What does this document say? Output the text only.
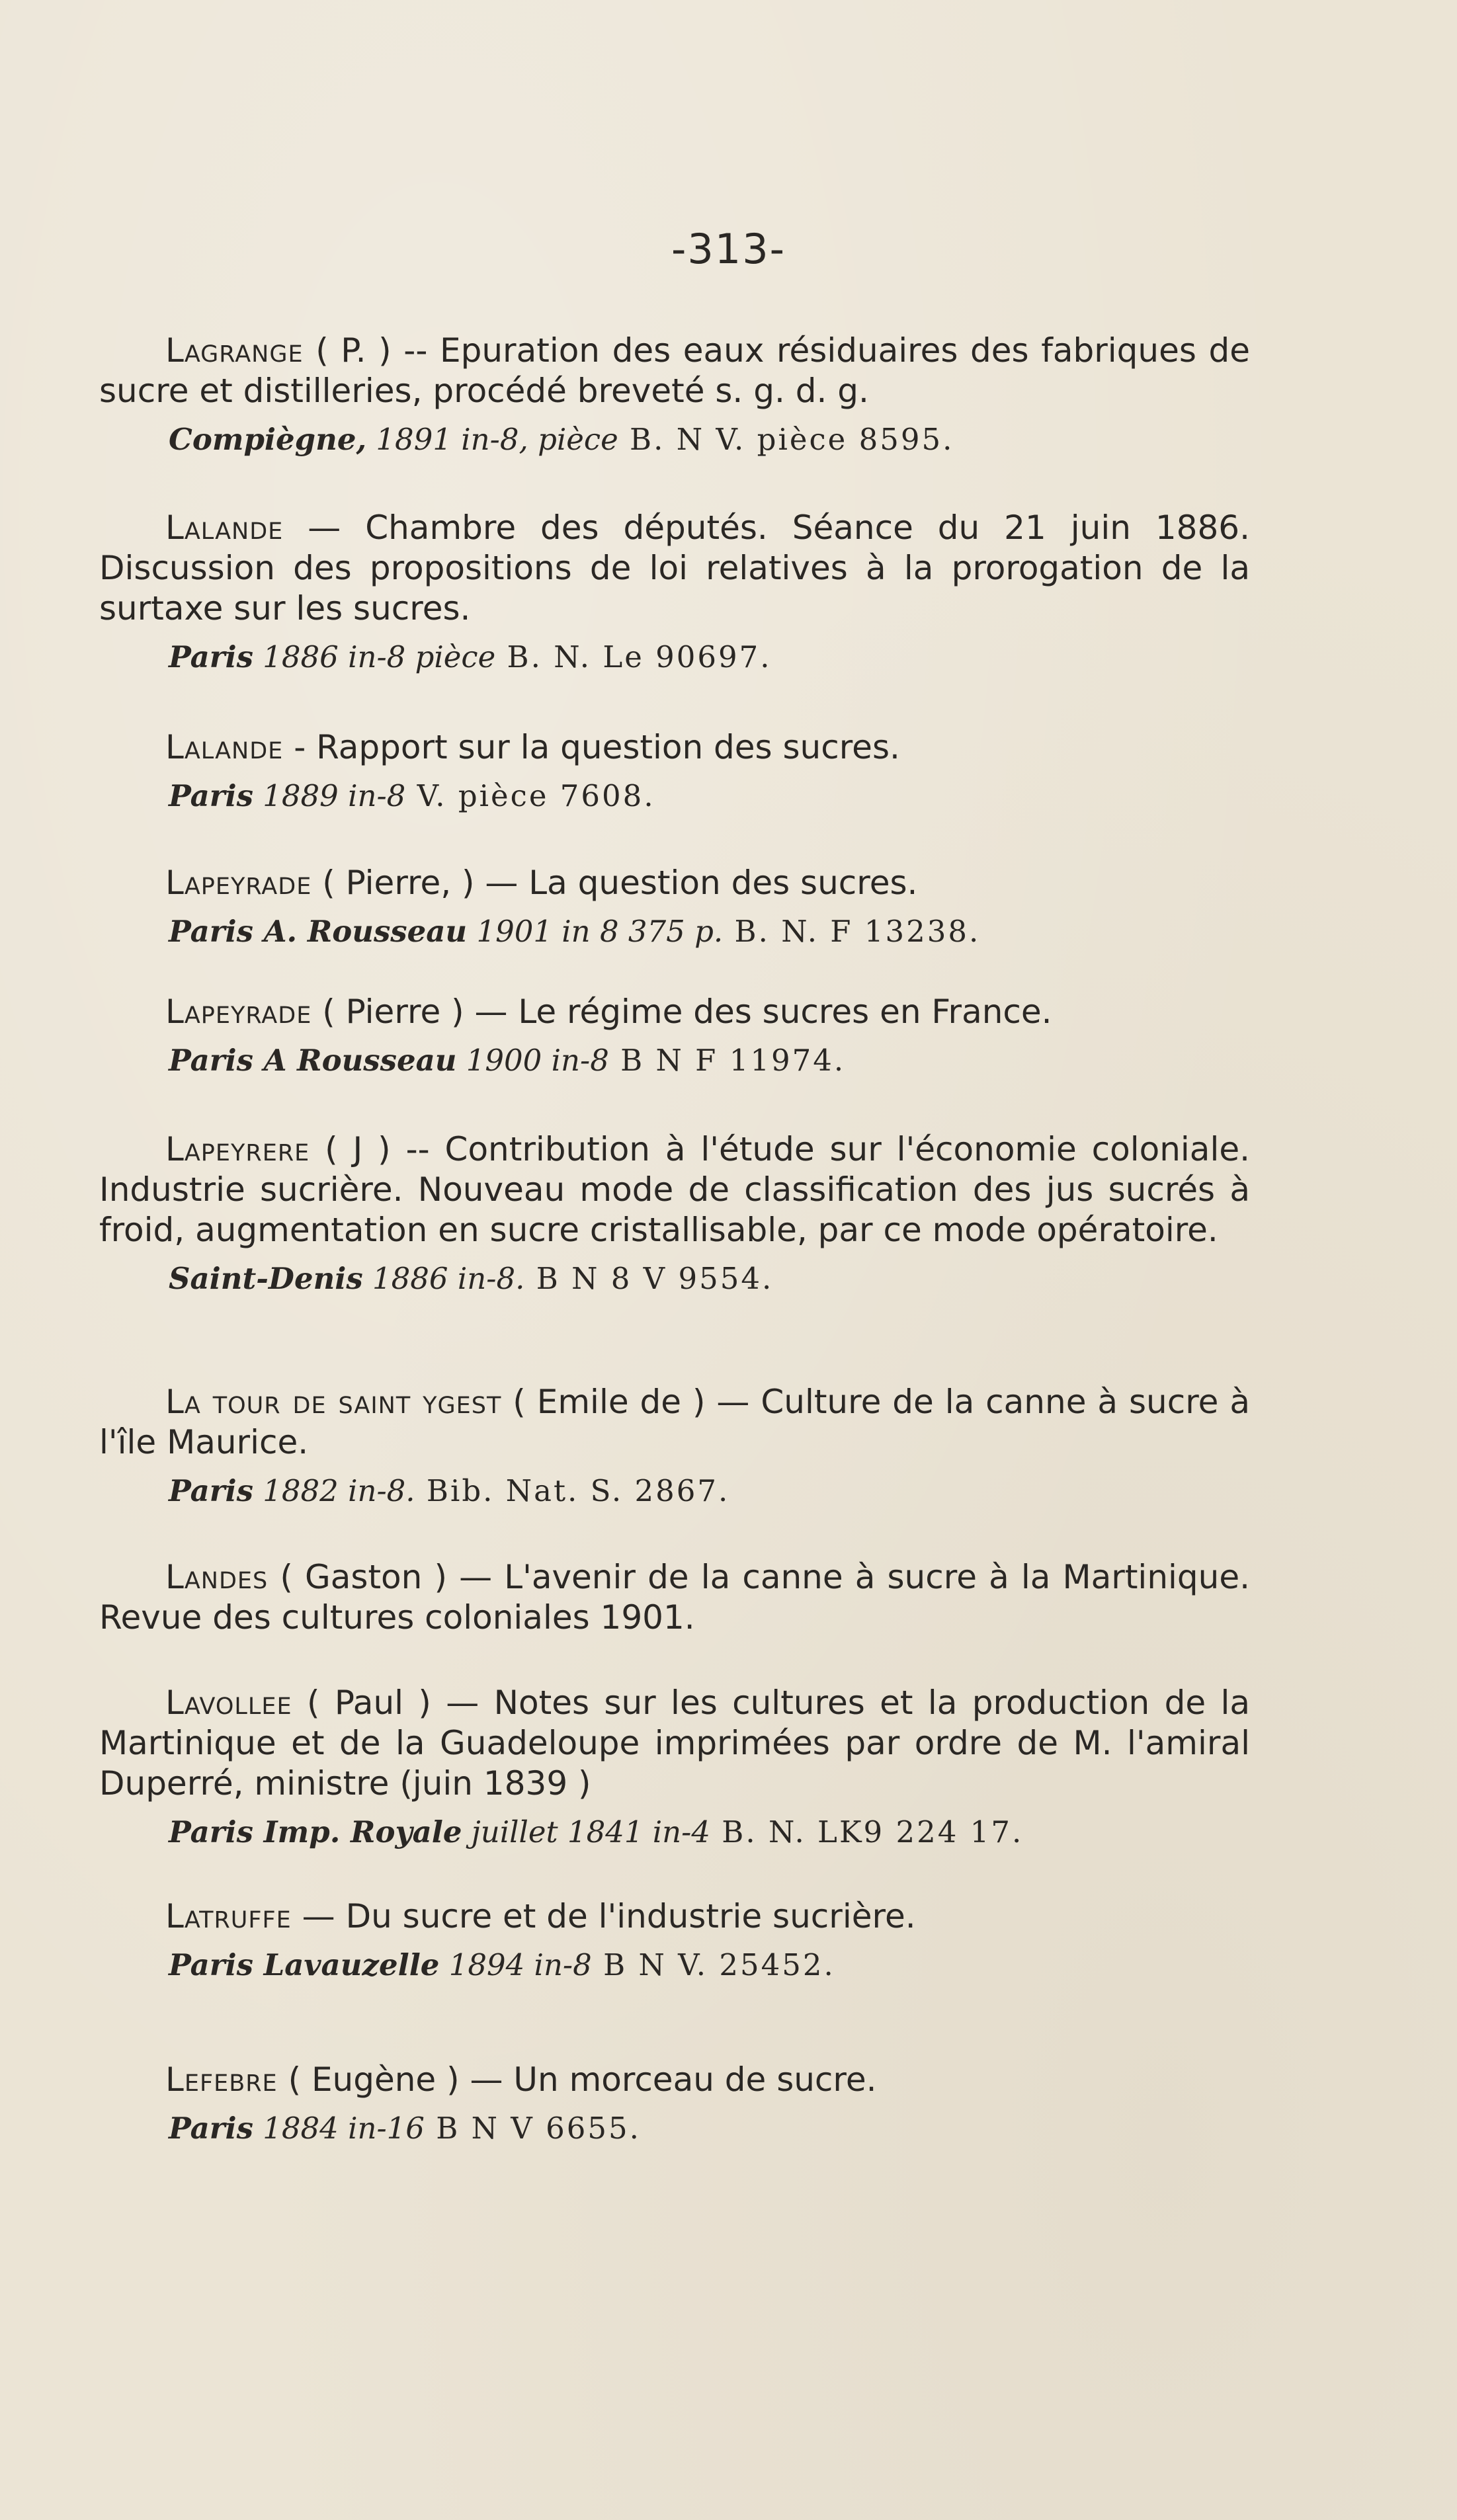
-313-

Lagrange ( P. ) -- Epuration des eaux résiduaires des fabriques de sucre et distilleries, procédé breveté s. g. d. g.

Compiègne, 1891 in-8, pièce B. N V. pièce 8595.

Lalande — Chambre des députés. Séance du 21 juin 1886. Discussion des propositions de loi relatives à la prorogation de la surtaxe sur les sucres.

Paris 1886 in-8 pièce B. N. Le 90697.

Lalande - Rapport sur la question des sucres.

Paris 1889 in-8 V. pièce 7608.

Lapeyrade ( Pierre, ) — La question des sucres.

Paris A. Rousseau 1901 in 8 375 p. B. N. F 13238.

Lapeyrade ( Pierre ) — Le régime des sucres en France.

Paris A Rousseau 1900 in-8 B N F 11974.

Lapeyrere ( J ) -- Contribution à l'étude sur l'économie coloniale. Industrie sucrière. Nouveau mode de classification des jus sucrés à froid, augmentation en sucre cristallisable, par ce mode opératoire.

Saint-Denis 1886 in-8. B N 8 V 9554.

La tour de saint ygest ( Emile de ) — Culture de la canne à sucre à l'île Maurice.

Paris 1882 in-8. Bib. Nat. S. 2867.

Landes ( Gaston ) — L'avenir de la canne à sucre à la Martinique. Revue des cultures coloniales 1901.

Lavollee ( Paul ) — Notes sur les cultures et la production de la Martinique et de la Guadeloupe imprimées par ordre de M. l'amiral Duperré, ministre (juin 1839 )

Paris Imp. Royale juillet 1841 in-4 B. N. LK9 224 17.

Latruffe — Du sucre et de l'industrie sucrière.

Paris Lavauzelle 1894 in-8 B N V. 25452.

Lefebre ( Eugène ) — Un morceau de sucre.

Paris 1884 in-16 B N V 6655.
